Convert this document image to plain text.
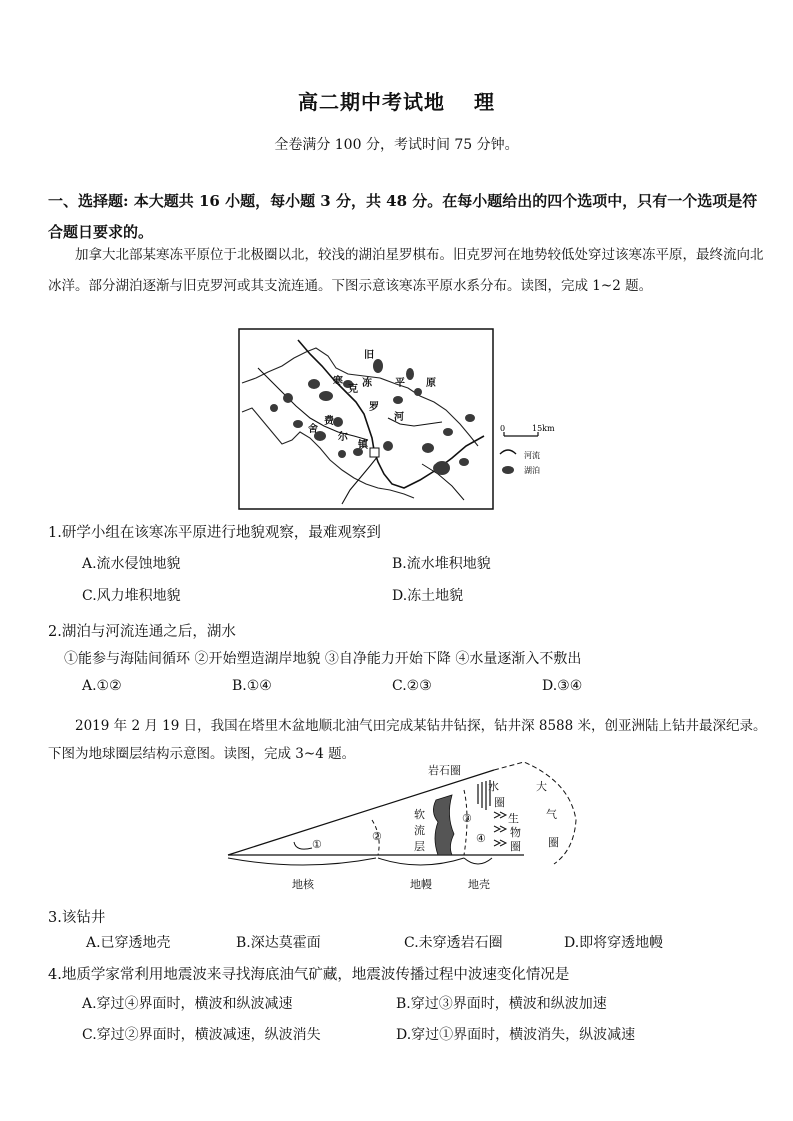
高二期中考试地　 理
全卷满分 100 分，考试时间 75 分钟。
一、选择题: 本大题共 16 小题，每小题 3 分，共 48 分。在每小题给出的四个选项中，只有一个选项是符合题日要求的。
加拿大北部某寒冻平原位于北极圈以北，较浅的湖泊星罗棋布。旧克罗河在地势较低处穿过该寒冻平原，最终流向北冰洋。部分湖泊逐渐与旧克罗河或其支流连通。下图示意该寒冻平原水系分布。读图，完成 1~2 题。
旧
寒
克
冻 平 原
罗
河
舍
费
尔
镇
0	15km
河流
湖泊
1.研学小组在该寒冻平原进行地貌观察，最难观察到
A.流水侵蚀地貌	B.流水堆积地貌
C.风力堆积地貌	D.冻土地貌
2.湖泊与河流连通之后，湖水
①能参与海陆间循环 ②开始塑造湖岸地貌 ③自净能力开始下降 ④水量逐渐入不敷出
A.①②	B.①④	C.②③	D.③④
2019 年 2 月 19 日，我国在塔里木盆地顺北油气田完成某钻井钻探，钻井深 8588 米，创亚洲陆上钻井最深纪录。下图为地球圈层结构示意图。读图，完成 3~4 题。
岩石圈
水
圈
生
物
圈
大
气
圈
软
流
层
①
②
③
④
地核	地幔	地壳
3.该钻井
A.已穿透地壳	B.深达莫霍面	C.未穿透岩石圈	D.即将穿透地幔
4.地质学家常利用地震波来寻找海底油气矿藏，地震波传播过程中波速变化情况是
A.穿过④界面时，横波和纵波减速	B.穿过③界面时，横波和纵波加速
C.穿过②界面时，横波减速，纵波消失	D.穿过①界面时，横波消失，纵波减速
